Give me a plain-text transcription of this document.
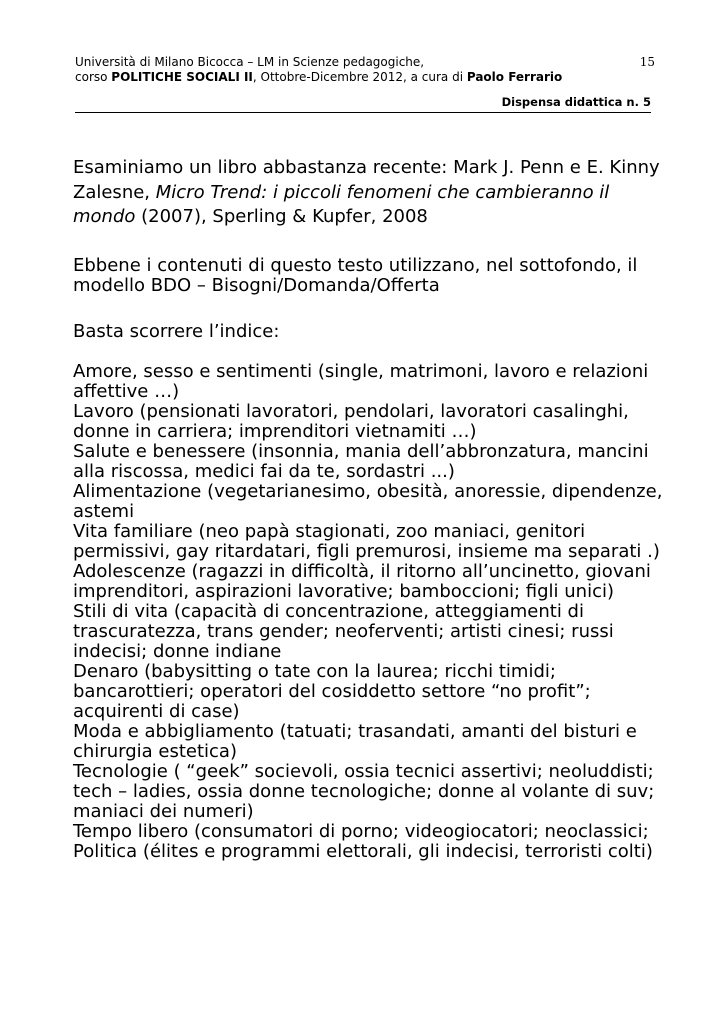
Università di Milano Bicocca – LM in Scienze pedagogiche,
corso POLITICHE SOCIALI II, Ottobre-Dicembre 2012, a cura di Paolo Ferrario
15
Dispensa didattica n. 5

Esaminiamo un libro abbastanza recente: Mark J. Penn e E. Kinny Zalesne, Micro Trend: i piccoli fenomeni che cambieranno il mondo (2007), Sperling & Kupfer, 2008

Ebbene i contenuti di questo testo utilizzano, nel sottofondo, il modello BDO – Bisogni/Domanda/Offerta

Basta scorrere l’indice:

Amore, sesso e sentimenti (single, matrimoni, lavoro e relazioni affettive …)

Lavoro (pensionati lavoratori, pendolari, lavoratori casalinghi, donne in carriera; imprenditori vietnamiti …)

Salute e benessere (insonnia, mania dell’abbronzatura, mancini alla riscossa, medici fai da te, sordastri ...)

Alimentazione (vegetarianesimo, obesità, anoressie, dipendenze, astemi

Vita familiare (neo papà stagionati, zoo maniaci, genitori permissivi, gay ritardatari, figli premurosi, insieme ma separati .)

Adolescenze (ragazzi in difficoltà, il ritorno all’uncinetto, giovani imprenditori, aspirazioni lavorative; bamboccioni; figli unici)

Stili di vita (capacità di concentrazione, atteggiamenti di trascuratezza, trans gender; neoferventi; artisti cinesi; russi indecisi; donne indiane

Denaro (babysitting o tate con la laurea; ricchi timidi; bancarottieri; operatori del cosiddetto settore “no profit”; acquirenti di case)

Moda e abbigliamento (tatuati; trasandati, amanti del bisturi e chirurgia estetica)

Tecnologie ( “geek” socievoli, ossia tecnici assertivi; neoluddisti; tech – ladies, ossia donne tecnologiche; donne al volante di suv; maniaci dei numeri)

Tempo libero (consumatori di porno; videogiocatori; neoclassici;

Politica (élites e programmi elettorali, gli indecisi, terroristi colti)
